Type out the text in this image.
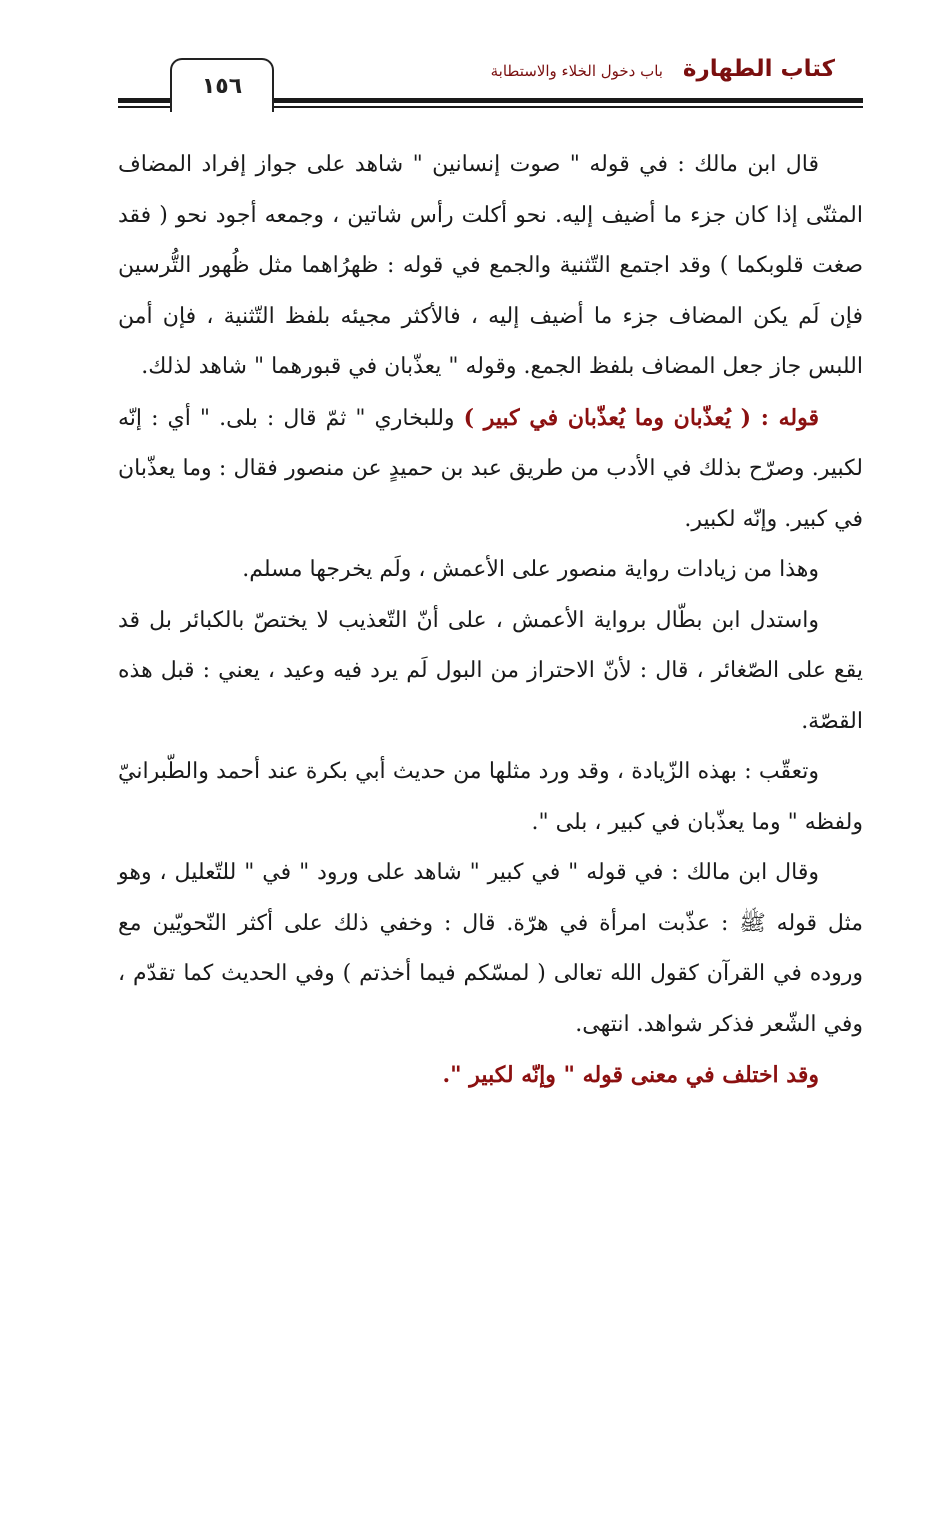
١٥٦
باب دخول الخلاء والاستطابة كتاب الطهارة

قال ابن مالك : في قوله " صوت إنسانين " شاهد على جواز إفراد المضاف المثنّى إذا كان جزء ما أضيف إليه. نحو أكلت رأس شاتين ، وجمعه أجود نحو ( فقد صغت قلوبكما ) وقد اجتمع التّثنية والجمع في قوله : ظهرُاهما مثل ظُهور التُّرسين فإن لَم يكن المضاف جزء ما أضيف إليه ، فالأكثر مجيئه بلفظ التّثنية ، فإن أمن اللبس جاز جعل المضاف بلفظ الجمع. وقوله " يعذّبان في قبورهما " شاهد لذلك.

قوله : ( يُعذّبان وما يُعذّبان في كبير ) وللبخاري " ثمّ قال : بلى. " أي : إنّه لكبير. وصرّح بذلك في الأدب من طريق عبد بن حميدٍ عن منصور فقال : وما يعذّبان في كبير. وإنّه لكبير.

وهذا من زيادات رواية منصور على الأعمش ، ولَم يخرجها مسلم.

واستدل ابن بطّال برواية الأعمش ، على أنّ التّعذيب لا يختصّ بالكبائر بل قد يقع على الصّغائر ، قال : لأنّ الاحتراز من البول لَم يرد فيه وعيد ، يعني : قبل هذه القصّة.

وتعقّب : بهذه الزّيادة ، وقد ورد مثلها من حديث أبي بكرة عند أحمد والطّبرانيّ ولفظه " وما يعذّبان في كبير ، بلى ".

وقال ابن مالك : في قوله " في كبير " شاهد على ورود " في " للتّعليل ، وهو مثل قوله ﷺ : عذّبت امرأة في هرّة. قال : وخفي ذلك على أكثر النّحويّين مع وروده في القرآن كقول الله تعالى ( لمسّكم فيما أخذتم ) وفي الحديث كما تقدّم ، وفي الشّعر فذكر شواهد. انتهى.

وقد اختلف في معنى قوله " وإنّه لكبير ".
